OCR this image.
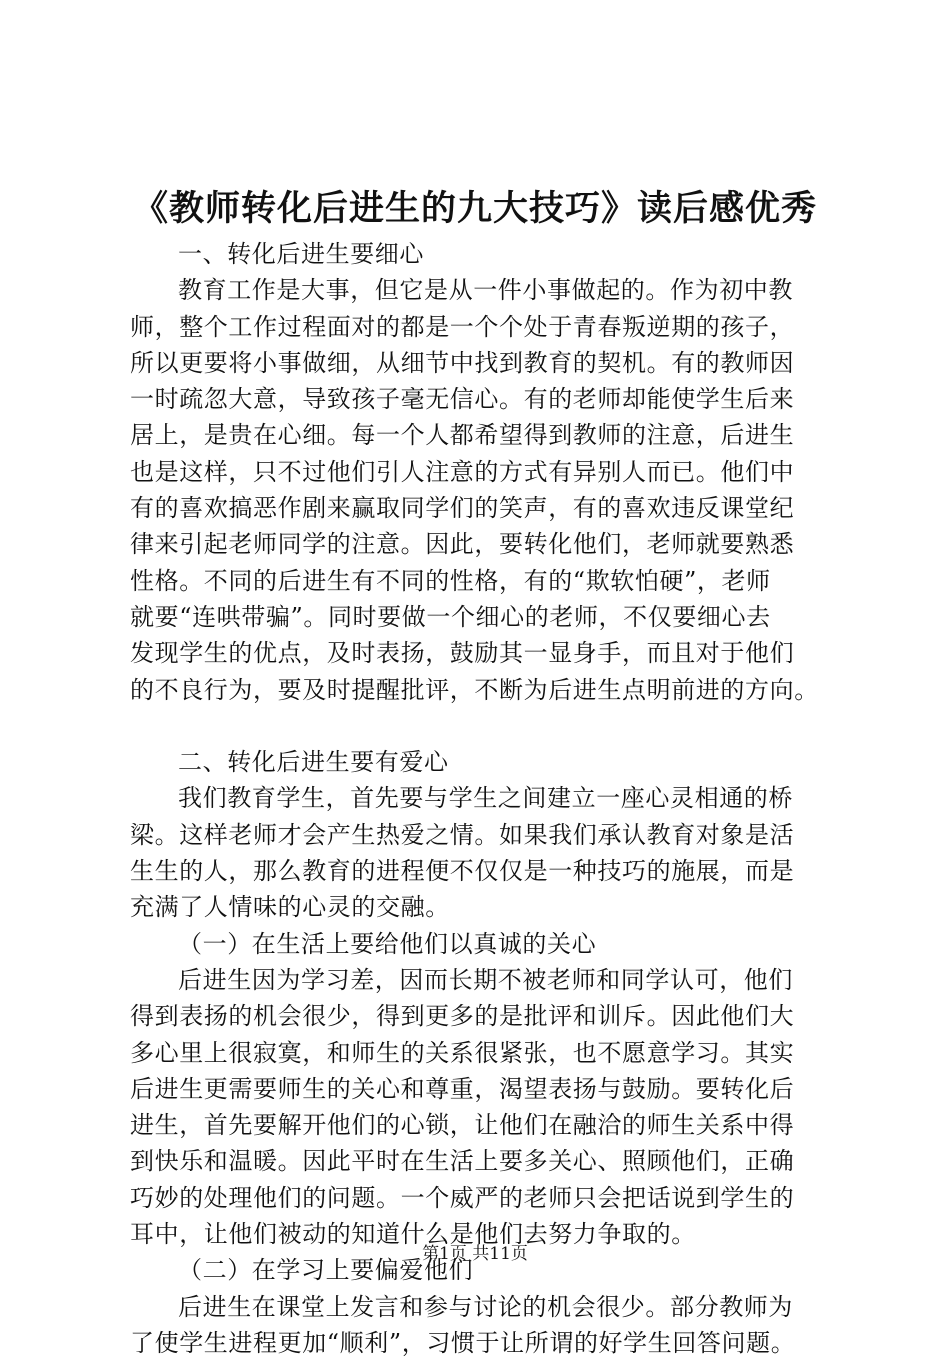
《教师转化后进生的九大技巧》读后感优秀

一、转化后进生要细心

教育工作是大事，但它是从一件小事做起的。作为初中教
师，整个工作过程面对的都是一个个处于青春叛逆期的孩子，
所以更要将小事做细，从细节中找到教育的契机。有的教师因
一时疏忽大意，导致孩子毫无信心。有的老师却能使学生后来
居上，是贵在心细。每一个人都希望得到教师的注意，后进生
也是这样，只不过他们引人注意的方式有异别人而已。他们中
有的喜欢搞恶作剧来赢取同学们的笑声，有的喜欢违反课堂纪
律来引起老师同学的注意。因此，要转化他们，老师就要熟悉
性格。不同的后进生有不同的性格，有的“欺软怕硬”，老师
就要“连哄带骗”。同时要做一个细心的老师，不仅要细心去
发现学生的优点，及时表扬，鼓励其一显身手，而且对于他们
的不良行为，要及时提醒批评，不断为后进生点明前进的方向。

二、转化后进生要有爱心

我们教育学生，首先要与学生之间建立一座心灵相通的桥
梁。这样老师才会产生热爱之情。如果我们承认教育对象是活
生生的人，那么教育的进程便不仅仅是一种技巧的施展，而是
充满了人情味的心灵的交融。

（一）在生活上要给他们以真诚的关心

后进生因为学习差，因而长期不被老师和同学认可，他们
得到表扬的机会很少，得到更多的是批评和训斥。因此他们大
多心里上很寂寞，和师生的关系很紧张，也不愿意学习。其实
后进生更需要师生的关心和尊重，渴望表扬与鼓励。要转化后
进生，首先要解开他们的心锁，让他们在融洽的师生关系中得
到快乐和温暖。因此平时在生活上要多关心、照顾他们，正确
巧妙的处理他们的问题。一个威严的老师只会把话说到学生的
耳中，让他们被动的知道什么是他们去努力争取的。

（二）在学习上要偏爱他们

后进生在课堂上发言和参与讨论的机会很少。部分教师为
了使学生进程更加“顺利”，习惯于让所谓的好学生回答问题。

第1页 共11页
